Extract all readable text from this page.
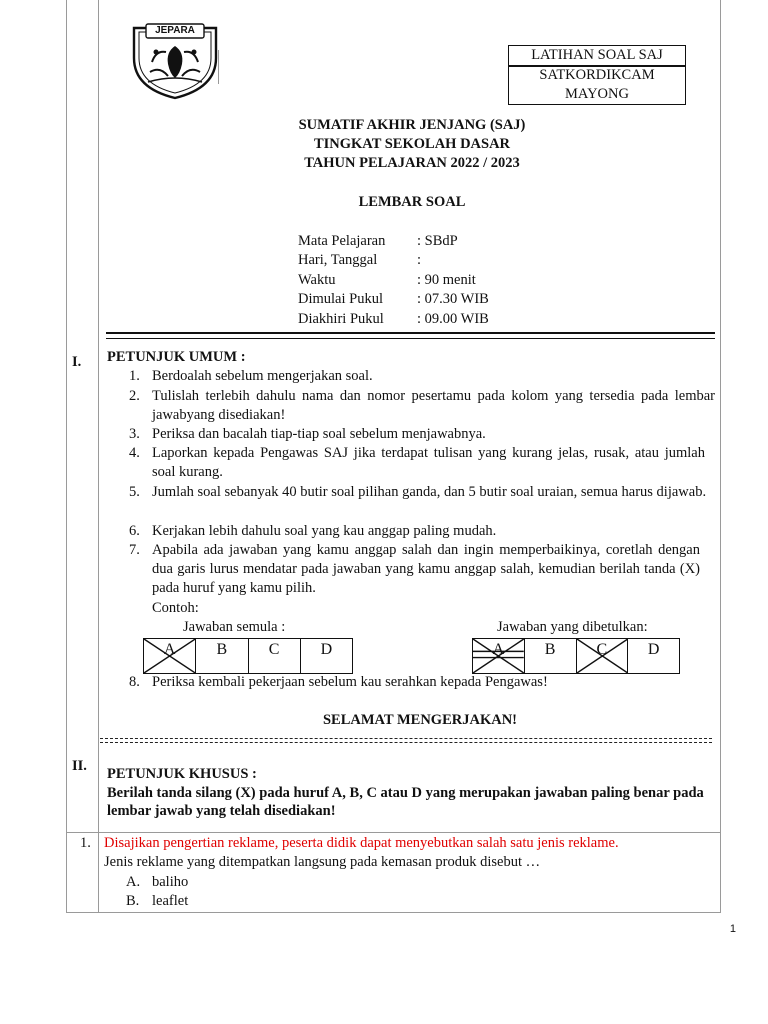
JEPARA
LATIHAN SOAL SAJ
SATKORDIKCAM
MAYONG
SUMATIF AKHIR JENJANG (SAJ)
TINGKAT SEKOLAH DASAR
TAHUN PELAJARAN 2022 / 2023
LEMBAR SOAL
Mata Pelajaran : SBdP
Hari, Tanggal	:
Waktu	: 90 menit
Dimulai Pukul : 07.30 WIB
Diakhiri Pukul : 09.00 WIB
I. PETUNJUK UMUM :
1. Berdoalah sebelum mengerjakan soal.
2. Tulislah terlebih dahulu nama dan nomor pesertamu pada kolom yang tersedia pada lembar jawabyang disediakan!
3. Periksa dan bacalah tiap-tiap soal sebelum menjawabnya.
4. Laporkan kepada Pengawas SAJ jika terdapat tulisan yang kurang jelas, rusak, atau jumlah soal kurang.
5. Jumlah soal sebanyak 40 butir soal pilihan ganda, dan 5 butir soal uraian, semua harus dijawab.
6. Kerjakan lebih dahulu soal yang kau anggap paling mudah.
7. Apabila ada jawaban yang kamu anggap salah dan ingin memperbaikinya, coretlah dengan dua garis lurus mendatar pada jawaban yang kamu anggap salah, kemudian berilah tanda (X) pada huruf yang kamu pilih.
Contoh:
Jawaban semula :	Jawaban yang dibetulkan:
A	B	C	D	A	B	C	D
8. Periksa kembali pekerjaan sebelum kau serahkan kepada Pengawas!
SELAMAT MENGERJAKAN!
II. PETUNJUK KHUSUS :
Berilah tanda silang (X) pada huruf A, B, C atau D yang merupakan jawaban paling benar pada lembar jawab yang telah disediakan!
1. Disajikan pengertian reklame, peserta didik dapat menyebutkan salah satu jenis reklame.
Jenis reklame yang ditempatkan langsung pada kemasan produk disebut …
A. baliho
B. leaflet
1
